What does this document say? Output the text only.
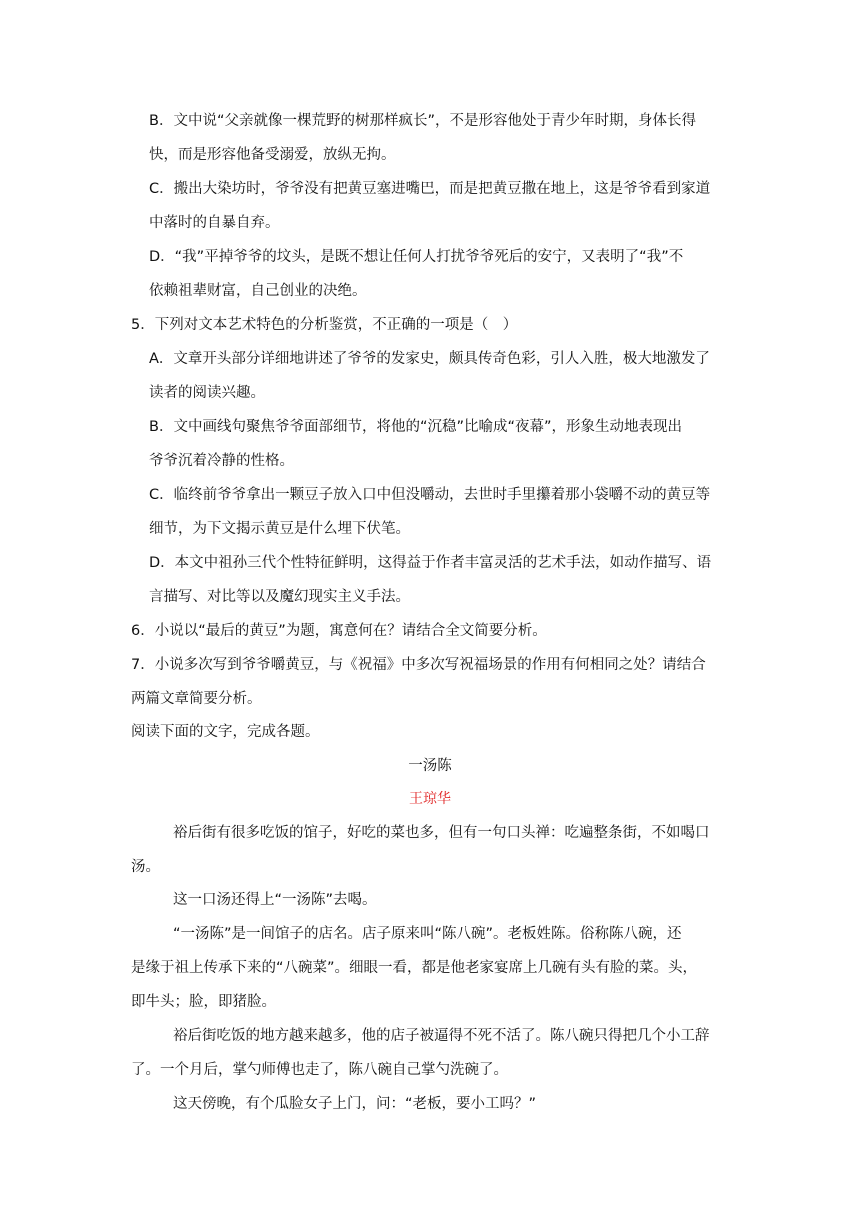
B．文中说“父亲就像一棵荒野的树那样疯长”，不是形容他处于青少年时期，身体长得
快，而是形容他备受溺爱，放纵无拘。
C．搬出大染坊时，爷爷没有把黄豆塞进嘴巴，而是把黄豆撒在地上，这是爷爷看到家道
中落时的自暴自弃。
D．“我”平掉爷爷的坟头，是既不想让任何人打扰爷爷死后的安宁，又表明了“我”不
依赖祖辈财富，自己创业的决绝。
5．下列对文本艺术特色的分析鉴赏，不正确的一项是（　）
A．文章开头部分详细地讲述了爷爷的发家史，颇具传奇色彩，引人入胜，极大地激发了
读者的阅读兴趣。
B．文中画线句聚焦爷爷面部细节，将他的“沉稳”比喻成“夜幕”，形象生动地表现出
爷爷沉着冷静的性格。
C．临终前爷爷拿出一颗豆子放入口中但没嚼动，去世时手里攥着那小袋嚼不动的黄豆等
细节，为下文揭示黄豆是什么埋下伏笔。
D．本文中祖孙三代个性特征鲜明，这得益于作者丰富灵活的艺术手法，如动作描写、语
言描写、对比等以及魔幻现实主义手法。
6．小说以“最后的黄豆”为题，寓意何在？请结合全文简要分析。
7．小说多次写到爷爷嚼黄豆，与《祝福》中多次写祝福场景的作用有何相同之处？请结合
两篇文章简要分析。
阅读下面的文字，完成各题。
一汤陈
王琼华
裕后街有很多吃饭的馆子，好吃的菜也多，但有一句口头禅：吃遍整条街，不如喝口
汤。
这一口汤还得上“一汤陈”去喝。
“一汤陈”是一间馆子的店名。店子原来叫“陈八碗”。老板姓陈。俗称陈八碗，还
是缘于祖上传承下来的“八碗菜”。细眼一看，都是他老家宴席上几碗有头有脸的菜。头，
即牛头；脸，即猪脸。
裕后街吃饭的地方越来越多，他的店子被逼得不死不活了。陈八碗只得把几个小工辞
了。一个月后，掌勺师傅也走了，陈八碗自己掌勺洗碗了。
这天傍晚，有个瓜脸女子上门，问：“老板，要小工吗？”
